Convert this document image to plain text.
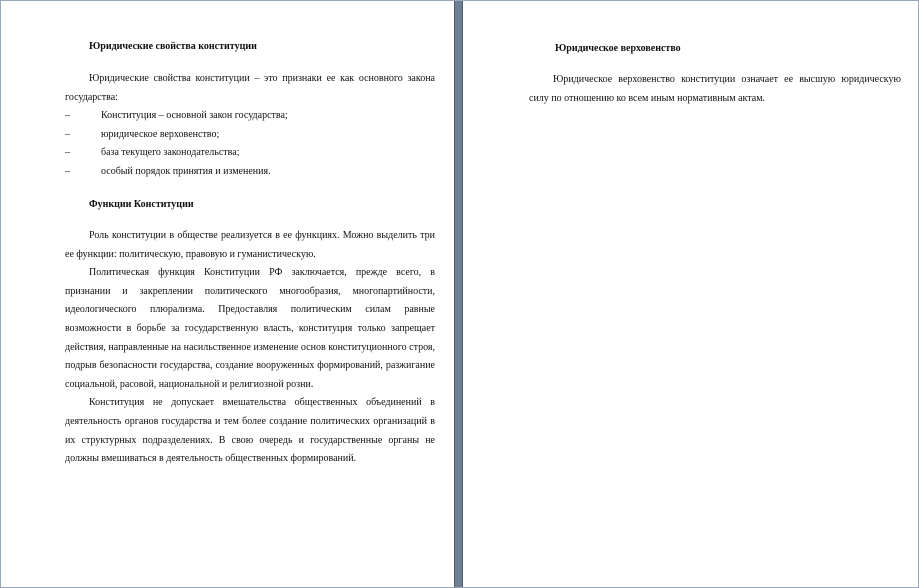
Юридические свойства конституции

Юридические свойства конституции – это признаки ее как основного закона государства:

–	Конституция – основной закон государства;
–	юридическое верховенство;
–	база текущего законодательства;
–	особый порядок принятия и изменения.
Функции Конституции

Роль конституции в обществе реализуется в ее функциях. Можно выделить три ее функции: политическую, правовую и гуманистическую.

Политическая функция Конституции РФ заключается, прежде всего, в признании и закреплении политического многообразия, многопартийности, идеологического плюрализма. Предоставляя политическим силам равные возможности в борьбе за государственную власть, конституция только запрещает действия, направленные на насильственное изменение основ конституционного строя, подрыв безопасности государства, создание вооруженных формирований, разжигание социальной, расовой, национальной и религиозной розни.

Конституция не допускает вмешательства общественных объединений в деятельность органов государства и тем более создание политических организаций в их структурных подразделениях. В свою очередь и государственные органы не должны вмешиваться в деятельность общественных формирований.

Юридическое верховенство

Юридическое верховенство конституции означает ее высшую юридическую силу по отношению ко всем иным нормативным актам.
